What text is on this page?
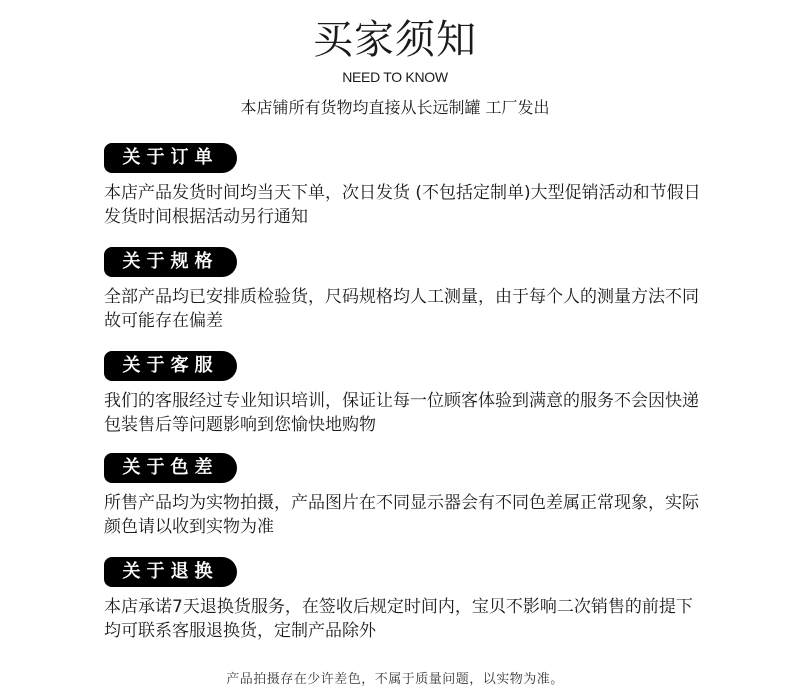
买家须知
NEED TO KNOW
本店铺所有货物均直接从长远制罐 工厂发出
关于订单
本店产品发货时间均当天下单，次日发货 (不包括定制单)大型促销活动和节假日发货时间根据活动另行通知
关于规格
全部产品均已安排质检验货，尺码规格均人工测量，由于每个人的测量方法不同故可能存在偏差
关于客服
我们的客服经过专业知识培训，保证让每一位顾客体验到满意的服务不会因快递包装售后等问题影响到您愉快地购物
关于色差
所售产品均为实物拍摄，产品图片在不同显示器会有不同色差属正常现象，实际颜色请以收到实物为准
关于退换
本店承诺7天退换货服务，在签收后规定时间内，宝贝不影响二次销售的前提下均可联系客服退换货，定制产品除外
产品拍摄存在少许差色，不属于质量问题，以实物为准。
